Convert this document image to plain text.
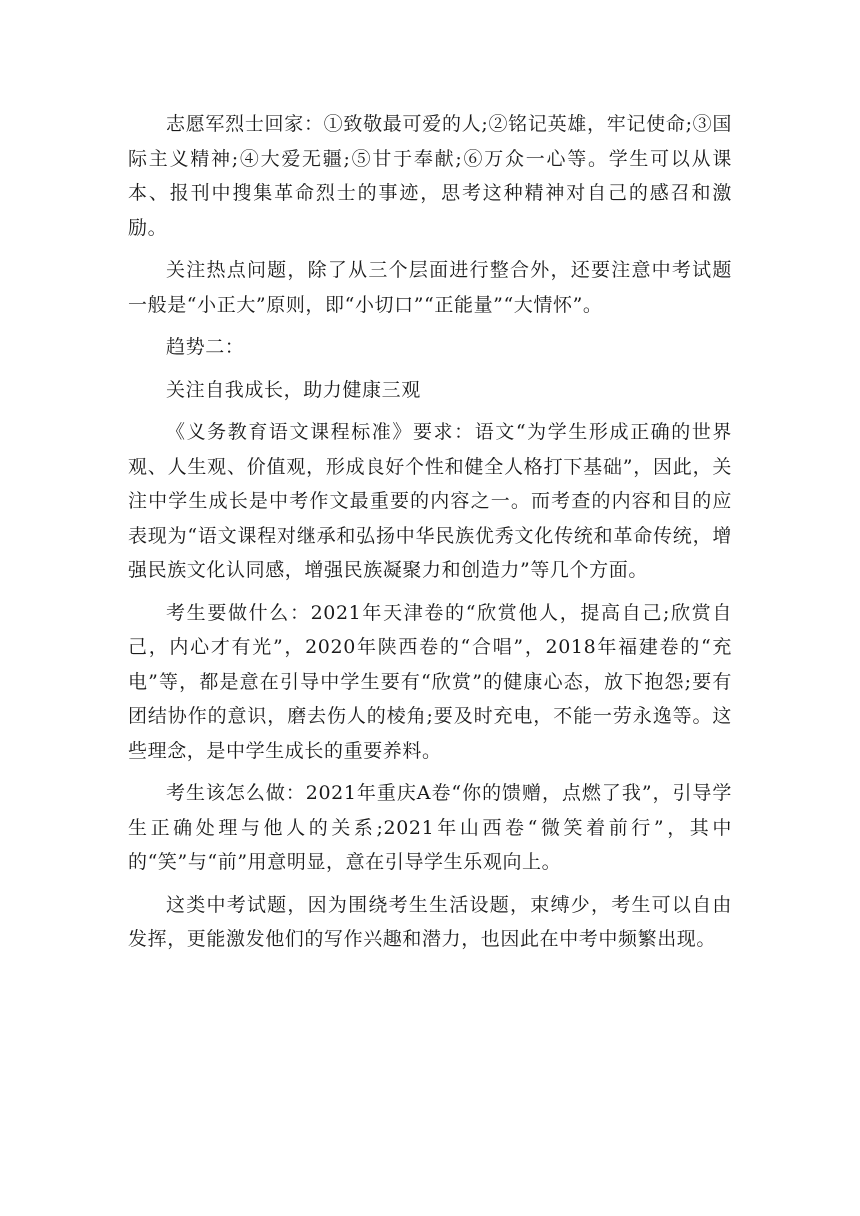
志愿军烈士回家：①致敬最可爱的人;②铭记英雄，牢记使命;③国际主义精神;④大爱无疆;⑤甘于奉献;⑥万众一心等。学生可以从课本、报刊中搜集革命烈士的事迹，思考这种精神对自己的感召和激励。

关注热点问题，除了从三个层面进行整合外，还要注意中考试题一般是“小正大”原则，即“小切口”“正能量”“大情怀”。

趋势二：

关注自我成长，助力健康三观

《义务教育语文课程标准》要求：语文“为学生形成正确的世界观、人生观、价值观，形成良好个性和健全人格打下基础”，因此，关注中学生成长是中考作文最重要的内容之一。而考查的内容和目的应表现为“语文课程对继承和弘扬中华民族优秀文化传统和革命传统，增强民族文化认同感，增强民族凝聚力和创造力”等几个方面。

考生要做什么：2021年天津卷的“欣赏他人，提高自己;欣赏自己，内心才有光”，2020年陕西卷的“合唱”，2018年福建卷的“充电”等，都是意在引导中学生要有“欣赏”的健康心态，放下抱怨;要有团结协作的意识，磨去伤人的棱角;要及时充电，不能一劳永逸等。这些理念，是中学生成长的重要养料。

考生该怎么做：2021年重庆A卷“你的馈赠，点燃了我”，引导学生正确处理与他人的关系;2021年山西卷“微笑着前行”，其中的“笑”与“前”用意明显，意在引导学生乐观向上。

这类中考试题，因为围绕考生生活设题，束缚少，考生可以自由发挥，更能激发他们的写作兴趣和潜力，也因此在中考中频繁出现。
